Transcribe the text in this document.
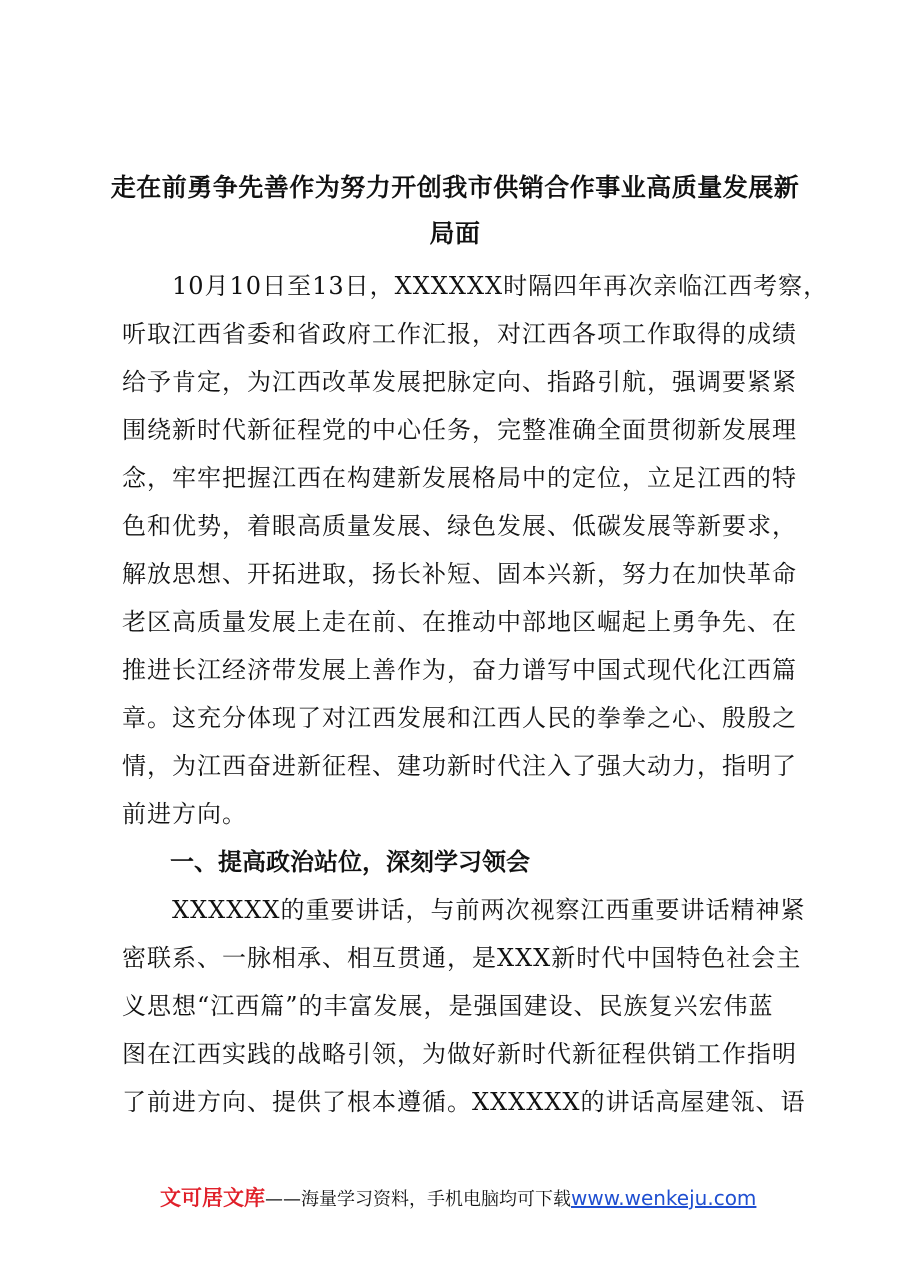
走在前勇争先善作为努力开创我市供销合作事业高质量发展新
局面
　　10月10日至13日，XXXXXX时隔四年再次亲临江西考察，
听取江西省委和省政府工作汇报，对江西各项工作取得的成绩
给予肯定，为江西改革发展把脉定向、指路引航，强调要紧紧
围绕新时代新征程党的中心任务，完整准确全面贯彻新发展理
念，牢牢把握江西在构建新发展格局中的定位，立足江西的特
色和优势，着眼高质量发展、绿色发展、低碳发展等新要求，
解放思想、开拓进取，扬长补短、固本兴新，努力在加快革命
老区高质量发展上走在前、在推动中部地区崛起上勇争先、在
推进长江经济带发展上善作为，奋力谱写中国式现代化江西篇
章。这充分体现了对江西发展和江西人民的拳拳之心、殷殷之
情，为江西奋进新征程、建功新时代注入了强大动力，指明了
前进方向。
一、提高政治站位，深刻学习领会
　　XXXXXX的重要讲话，与前两次视察江西重要讲话精神紧
密联系、一脉相承、相互贯通，是XXX新时代中国特色社会主
义思想“江西篇”的丰富发展，是强国建设、民族复兴宏伟蓝
图在江西实践的战略引领，为做好新时代新征程供销工作指明
了前进方向、提供了根本遵循。XXXXXX的讲话高屋建瓴、语
文可居文库——海量学习资料，手机电脑均可下载www.wenkeju.com
